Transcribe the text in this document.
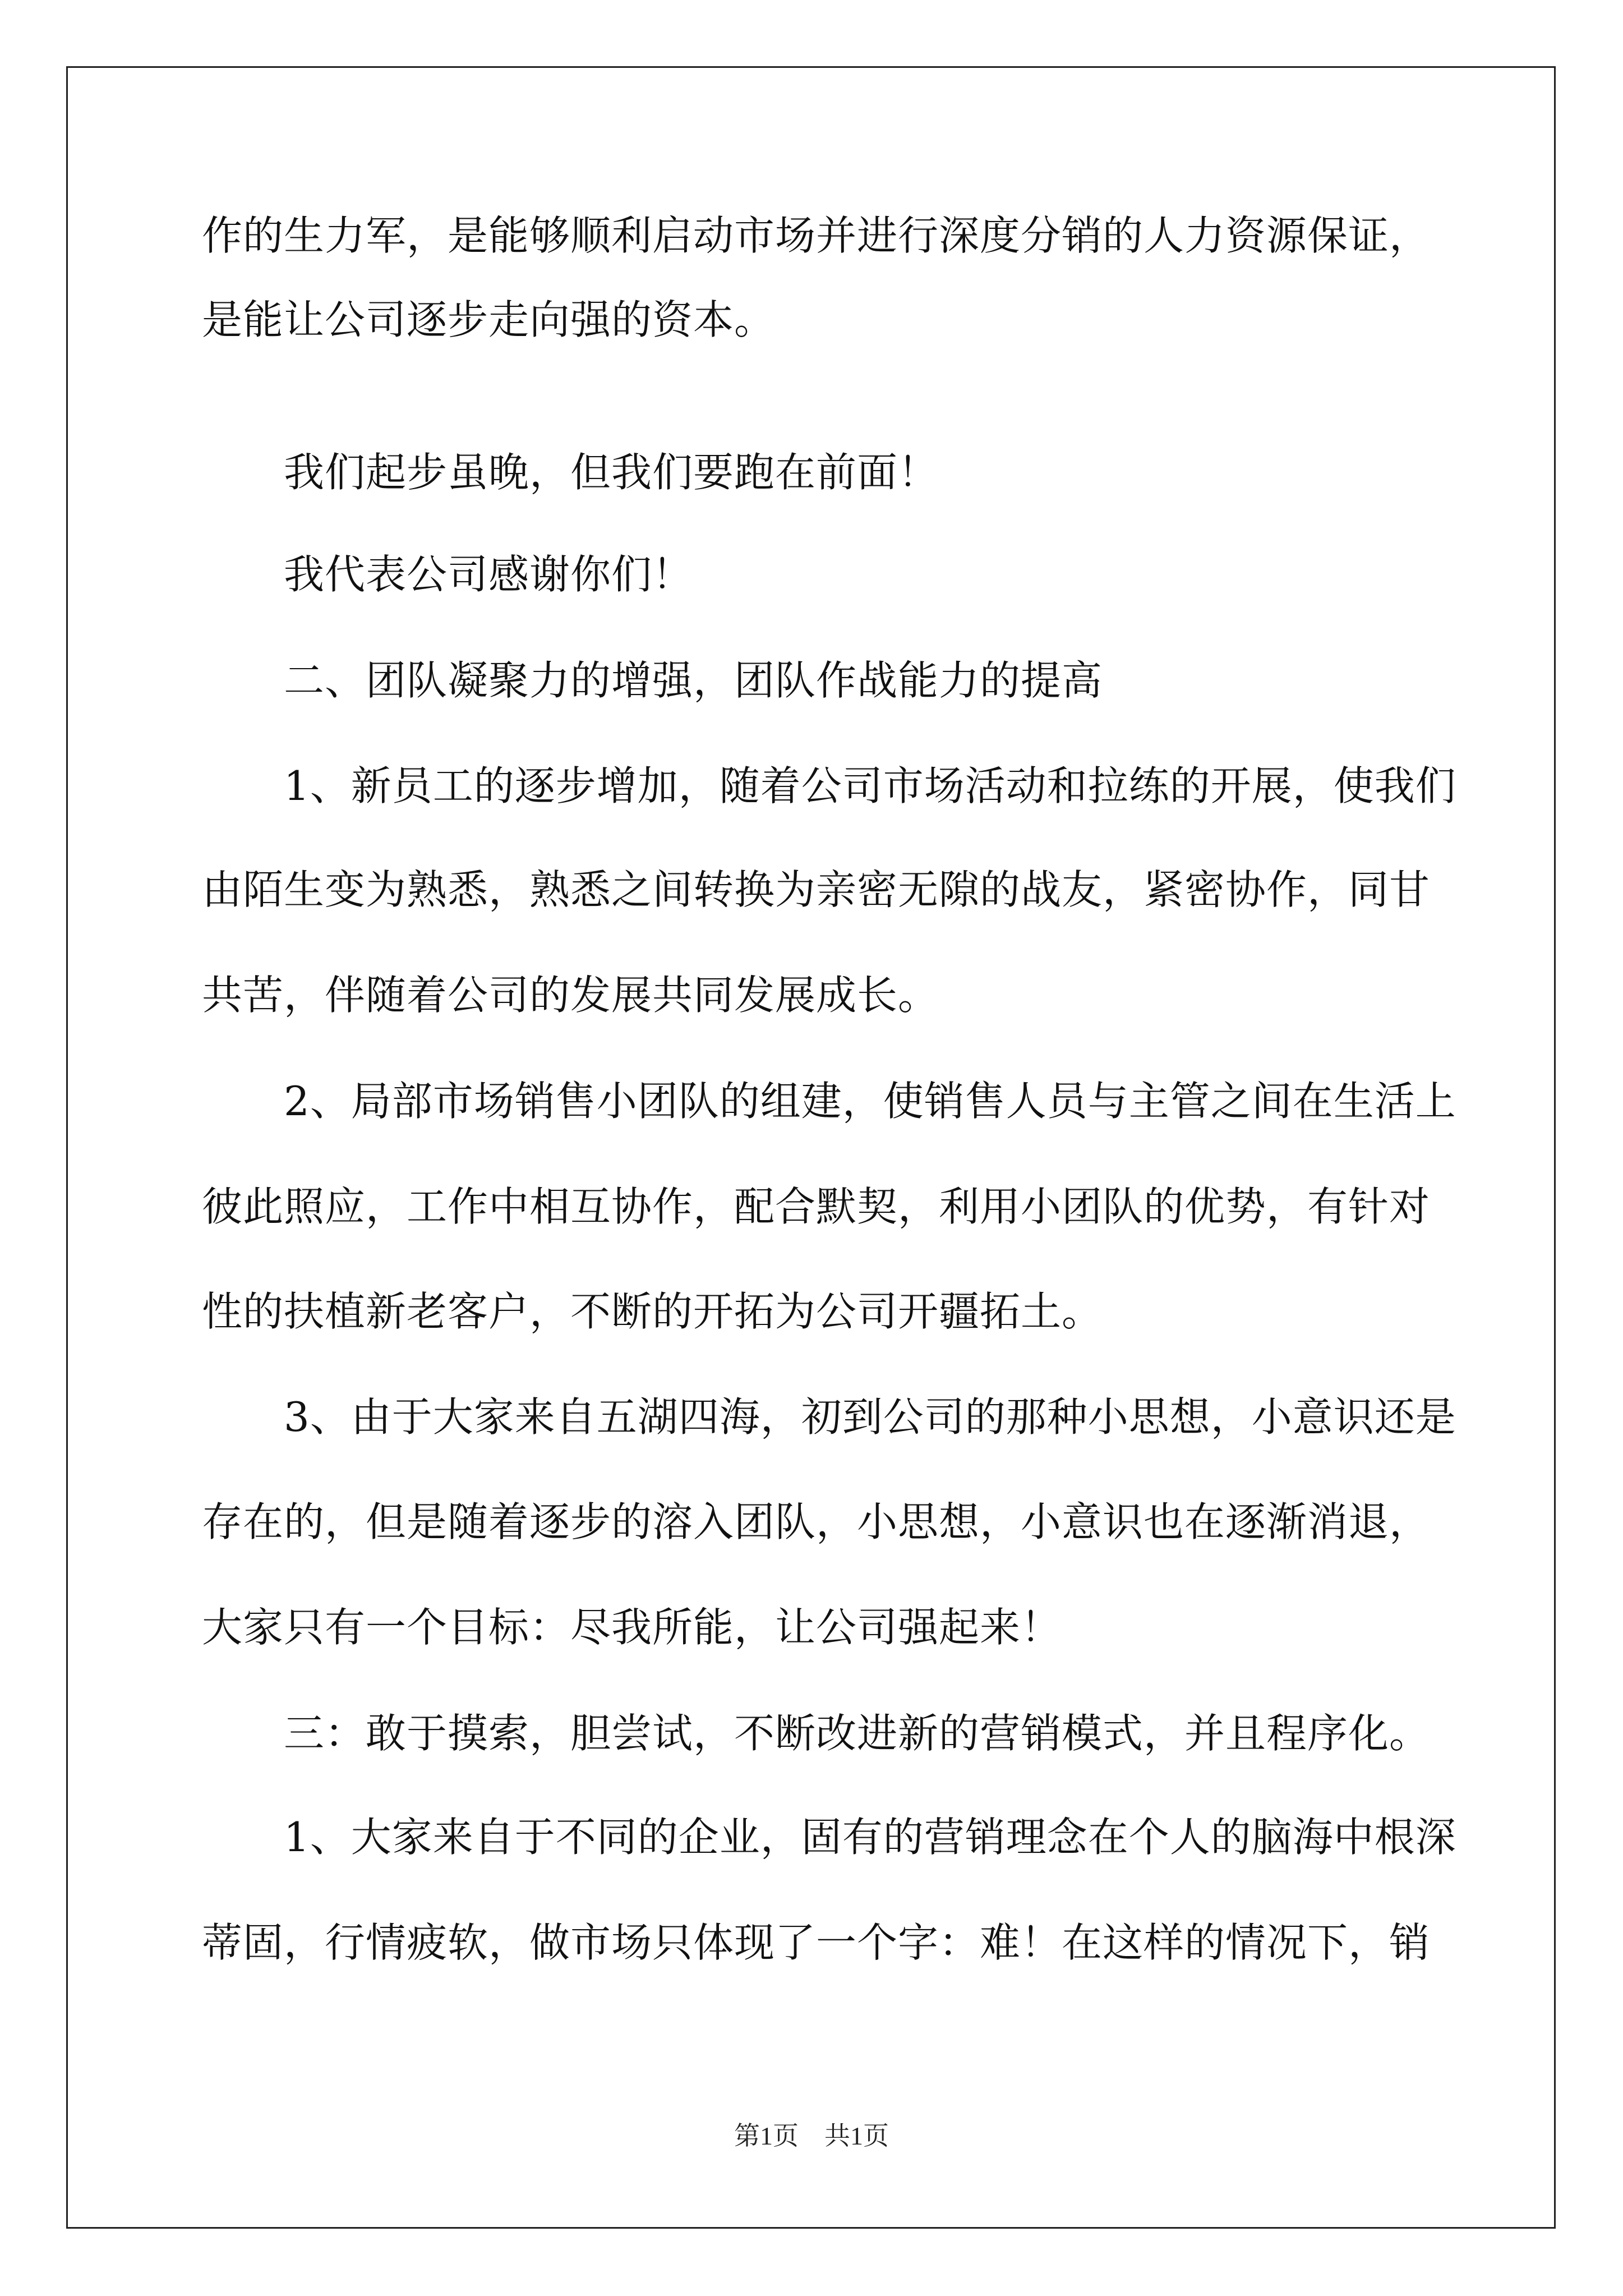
作的生力军，是能够顺利启动市场并进行深度分销的人力资源保证，
是能让公司逐步走向强的资本。
　　我们起步虽晚，但我们要跑在前面！
　　我代表公司感谢你们！
　　二、团队凝聚力的增强，团队作战能力的提高
　　1、新员工的逐步增加，随着公司市场活动和拉练的开展，使我们
由陌生变为熟悉，熟悉之间转换为亲密无隙的战友，紧密协作，同甘
共苦，伴随着公司的发展共同发展成长。
　　2、局部市场销售小团队的组建，使销售人员与主管之间在生活上
彼此照应，工作中相互协作，配合默契，利用小团队的优势，有针对
性的扶植新老客户，不断的开拓为公司开疆拓土。
　　3、由于大家来自五湖四海，初到公司的那种小思想，小意识还是
存在的，但是随着逐步的溶入团队，小思想，小意识也在逐渐消退，
大家只有一个目标：尽我所能，让公司强起来！
　　三：敢于摸索，胆尝试，不断改进新的营销模式，并且程序化。
　　1、大家来自于不同的企业，固有的营销理念在个人的脑海中根深
蒂固，行情疲软，做市场只体现了一个字：难！在这样的情况下，销
第1页　共1页
